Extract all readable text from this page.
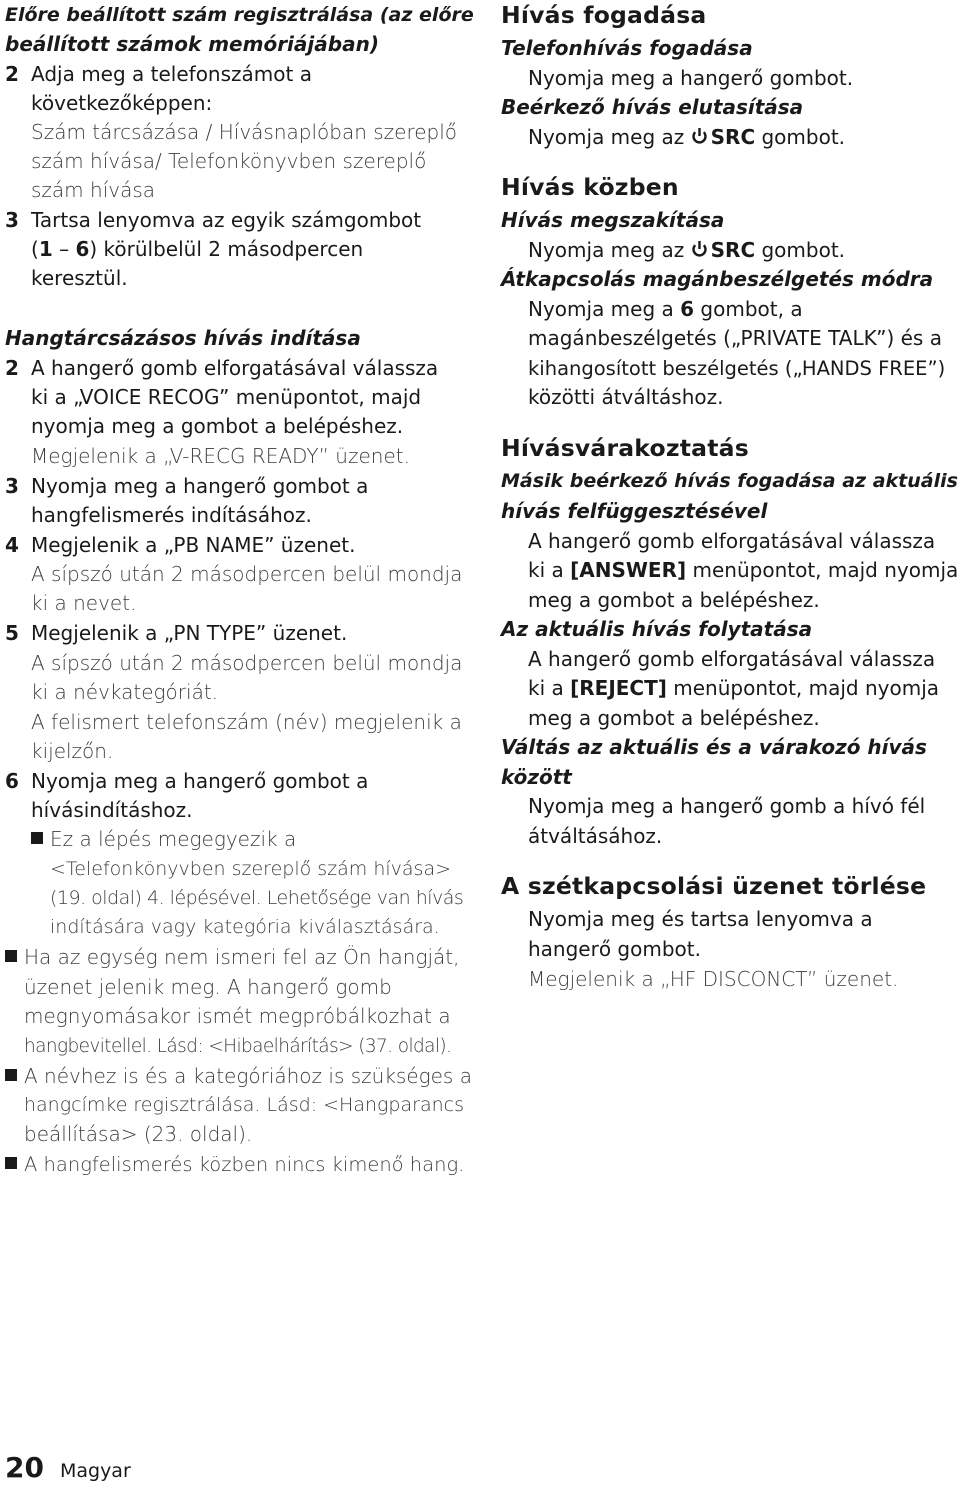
Előre beállított szám regisztrálása (az előre
beállított számok memóriájában)
2 Adja meg a telefonszámot a
következőképpen:
Szám tárcsázása / Hívásnaplóban szereplő
szám hívása/ Telefonkönyvben szereplő
szám hívása
3 Tartsa lenyomva az egyik számgombot
(1 – 6) körülbelül 2 másodpercen
keresztül.
Hangtárcsázásos hívás indítása
2 A hangerő gomb elforgatásával válassza
ki a „VOICE RECOG” menüpontot, majd
nyomja meg a gombot a belépéshez.
Megjelenik a „V-RECG READY” üzenet.
3 Nyomja meg a hangerő gombot a
hangfelismerés indításához.
4 Megjelenik a „PB NAME” üzenet.
A sípszó után 2 másodpercen belül mondja
ki a nevet.
5 Megjelenik a „PN TYPE” üzenet.
A sípszó után 2 másodpercen belül mondja
ki a névkategóriát.
A felismert telefonszám (név) megjelenik a
kijelzőn.
6 Nyomja meg a hangerő gombot a
hívásindításhoz.
Ez a lépés megegyezik a
<Telefonkönyvben szereplő szám hívása>
(19. oldal) 4. lépésével. Lehetősége van hívás
indítására vagy kategória kiválasztására.
Ha az egység nem ismeri fel az Ön hangját,
üzenet jelenik meg. A hangerő gomb
megnyomásakor ismét megpróbálkozhat a
hangbevitellel. Lásd: <Hibaelhárítás> (37. oldal).
A névhez is és a kategóriához is szükséges a
hangcímke regisztrálása. Lásd: <Hangparancs
beállítása> (23. oldal).
A hangfelismerés közben nincs kimenő hang.
Hívás fogadása
Telefonhívás fogadása
Nyomja meg a hangerő gombot.
Beérkező hívás elutasítása
Nyomja meg az SRC gombot.
Hívás közben
Hívás megszakítása
Nyomja meg az SRC gombot.
Átkapcsolás magánbeszélgetés módra
Nyomja meg a 6 gombot, a
magánbeszélgetés („PRIVATE TALK”) és a
kihangosított beszélgetés („HANDS FREE”)
közötti átváltáshoz.
Hívásvárakoztatás
Másik beérkező hívás fogadása az aktuális
hívás felfüggesztésével
A hangerő gomb elforgatásával válassza
ki a [ANSWER] menüpontot, majd nyomja
meg a gombot a belépéshez.
Az aktuális hívás folytatása
A hangerő gomb elforgatásával válassza
ki a [REJECT] menüpontot, majd nyomja
meg a gombot a belépéshez.
Váltás az aktuális és a várakozó hívás
között
Nyomja meg a hangerő gomb a hívó fél
átváltásához.
A szétkapcsolási üzenet törlése
Nyomja meg és tartsa lenyomva a
hangerő gombot.
Megjelenik a „HF DISCONCT” üzenet.
20 Magyar
